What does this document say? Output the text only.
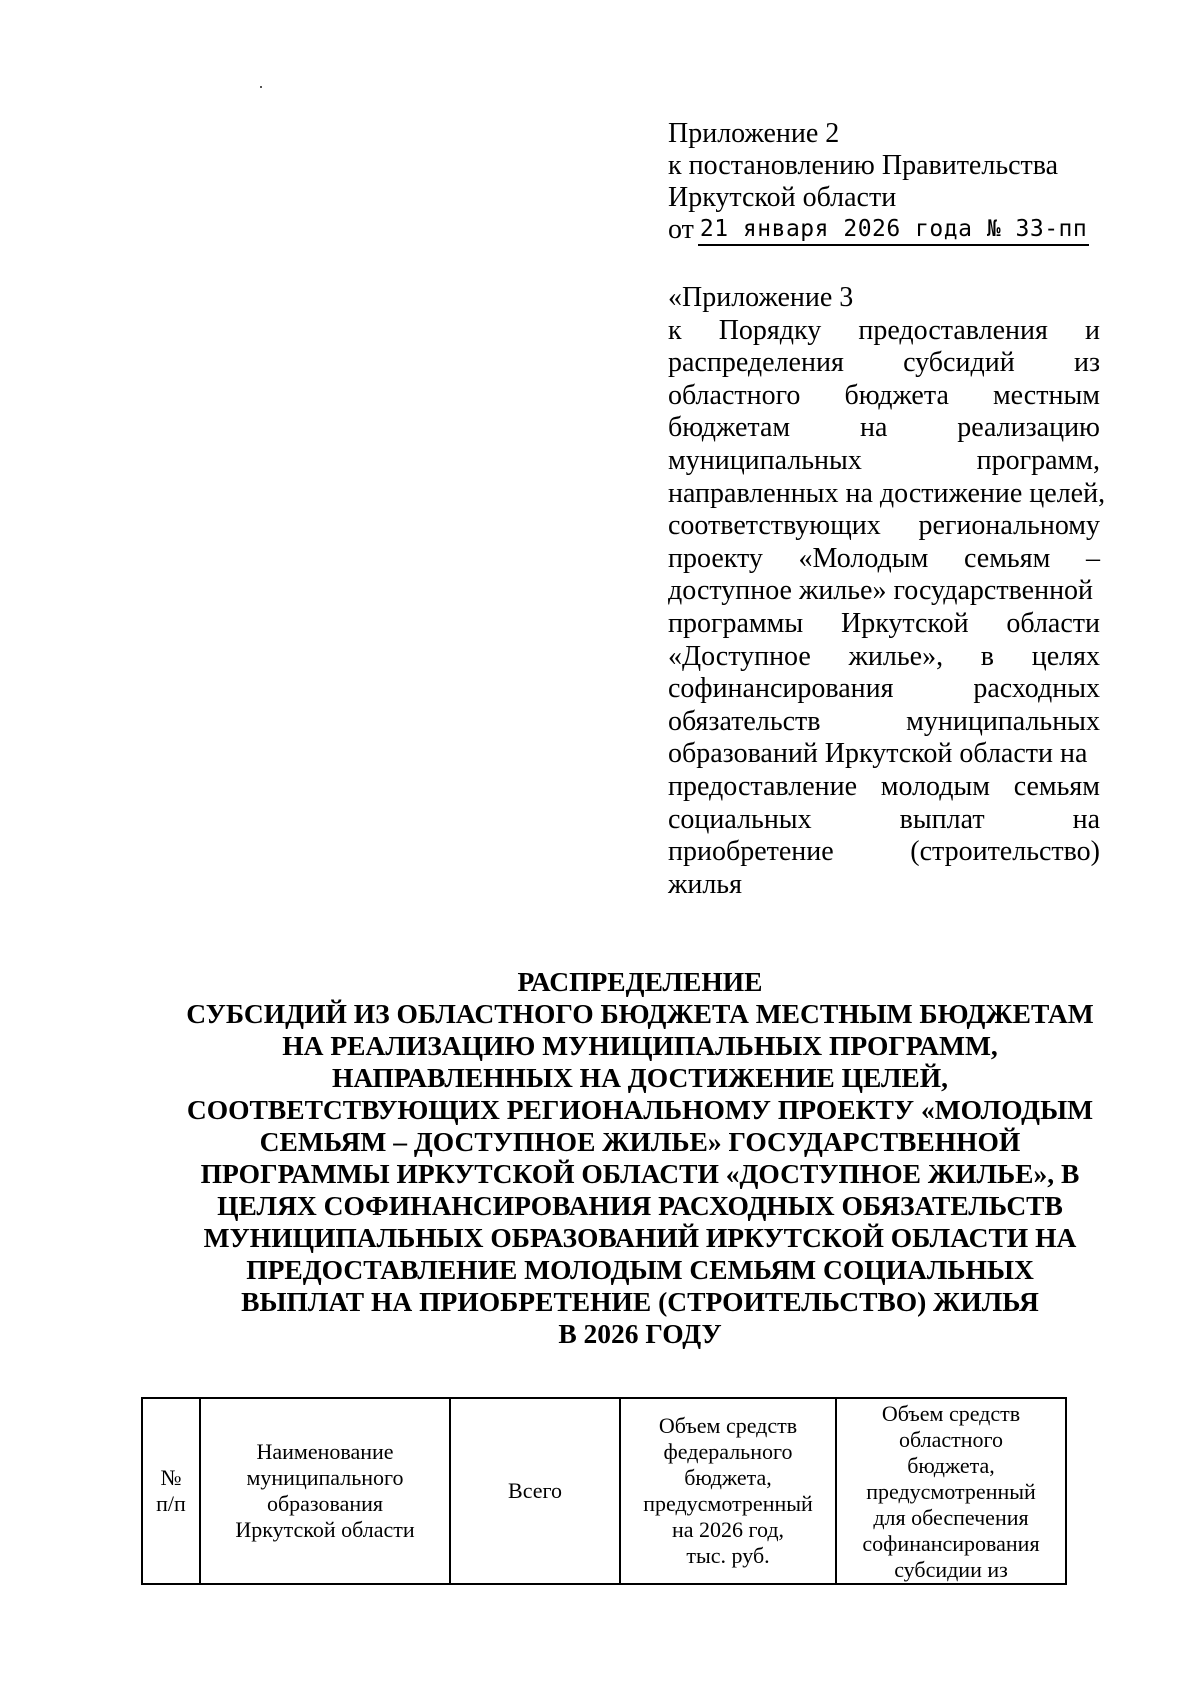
Приложение 2
к постановлению Правительства
Иркутской области
от 21 января 2026 года № 33-пп
«Приложение 3
к Порядку предоставления и
распределения субсидий из
областного бюджета местным
бюджетам на реализацию
муниципальных	программ,
направленных на достижение целей,
соответствующих региональному
проекту «Молодым семьям –
доступное жилье» государственной
программы Иркутской области
«Доступное жилье», в целях
софинансирования	расходных
обязательств	муниципальных
образований Иркутской области на
предоставление молодым семьям
социальных	выплат	на
приобретение	(строительство)
жилья
РАСПРЕДЕЛЕНИЕ
СУБСИДИЙ ИЗ ОБЛАСТНОГО БЮДЖЕТА МЕСТНЫМ БЮДЖЕТАМ
НА РЕАЛИЗАЦИЮ МУНИЦИПАЛЬНЫХ ПРОГРАММ,
НАПРАВЛЕННЫХ НА ДОСТИЖЕНИЕ ЦЕЛЕЙ,
СООТВЕТСТВУЮЩИХ РЕГИОНАЛЬНОМУ ПРОЕКТУ «МОЛОДЫМ
СЕМЬЯМ – ДОСТУПНОЕ ЖИЛЬЕ» ГОСУДАРСТВЕННОЙ
ПРОГРАММЫ ИРКУТСКОЙ ОБЛАСТИ «ДОСТУПНОЕ ЖИЛЬЕ», В
ЦЕЛЯХ СОФИНАНСИРОВАНИЯ РАСХОДНЫХ ОБЯЗАТЕЛЬСТВ
МУНИЦИПАЛЬНЫХ ОБРАЗОВАНИЙ ИРКУТСКОЙ ОБЛАСТИ НА
ПРЕДОСТАВЛЕНИЕ МОЛОДЫМ СЕМЬЯМ СОЦИАЛЬНЫХ
ВЫПЛАТ НА ПРИОБРЕТЕНИЕ (СТРОИТЕЛЬСТВО) ЖИЛЬЯ
В 2026 ГОДУ
№
п/п

Наименование
муниципального
образования
Иркутской области

Всего

Объем средств
федерального
бюджета,
предусмотренный
на 2026 год,
тыс. руб.

Объем средств
областного
бюджета,
предусмотренный
для обеспечения
софинансирования
субсидии из
